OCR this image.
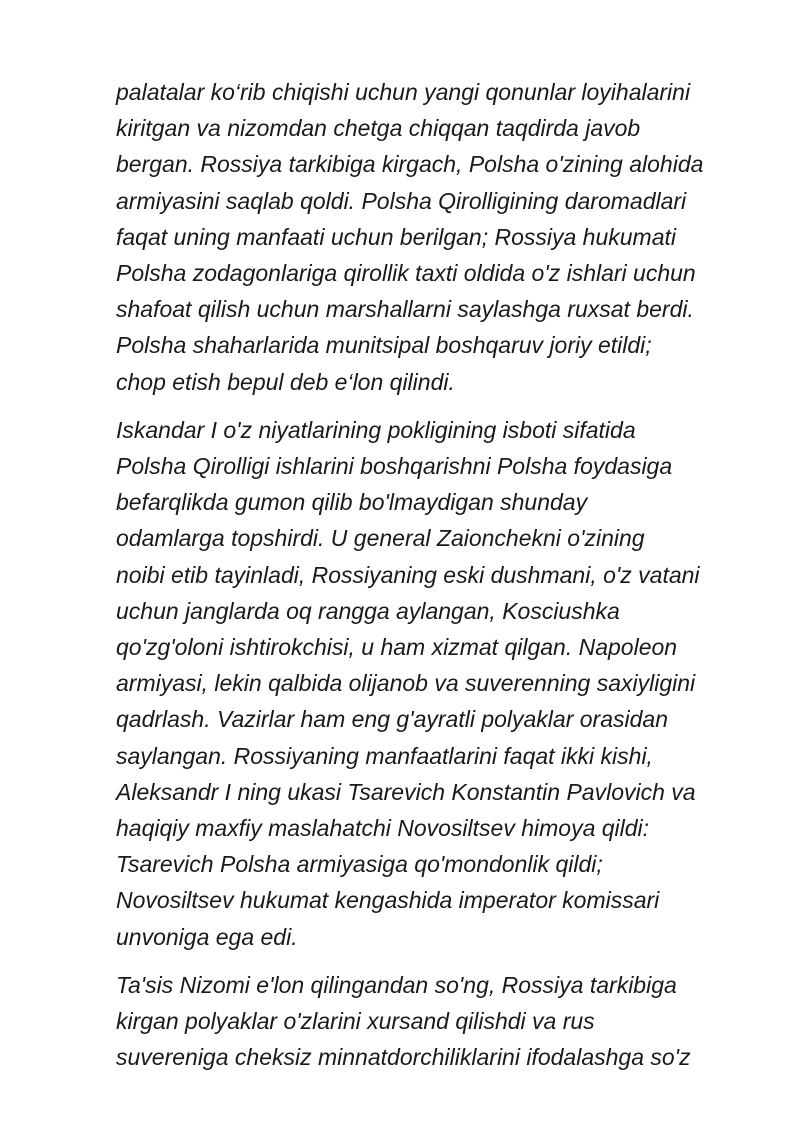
palatalar ko‘rib chiqishi uchun yangi qonunlar loyihalarini
kiritgan va nizomdan chetga chiqqan taqdirda javob
bergan. Rossiya tarkibiga kirgach, Polsha o'zining alohida
armiyasini saqlab qoldi. Polsha Qirolligining daromadlari
faqat uning manfaati uchun berilgan; Rossiya hukumati
Polsha zodagonlariga qirollik taxti oldida o'z ishlari uchun
shafoat qilish uchun marshallarni saylashga ruxsat berdi.
Polsha shaharlarida munitsipal boshqaruv joriy etildi;
chop etish bepul deb e‘lon qilindi.

Iskandar I o'z niyatlarining pokligining isboti sifatida
Polsha Qirolligi ishlarini boshqarishni Polsha foydasiga
befarqlikda gumon qilib bo'lmaydigan shunday
odamlarga topshirdi. U general Zaionchekni o'zining
noibi etib tayinladi, Rossiyaning eski dushmani, o'z vatani
uchun janglarda oq rangga aylangan, Kosciushka
qo'zg'oloni ishtirokchisi, u ham xizmat qilgan. Napoleon
armiyasi, lekin qalbida olijanob va suverenning saxiyligini
qadrlash. Vazirlar ham eng g'ayratli polyaklar orasidan
saylangan. Rossiyaning manfaatlarini faqat ikki kishi,
Aleksandr I ning ukasi Tsarevich Konstantin Pavlovich va
haqiqiy maxfiy maslahatchi Novosiltsev himoya qildi:
Tsarevich Polsha armiyasiga qo'mondonlik qildi;
Novosiltsev hukumat kengashida imperator komissari
unvoniga ega edi.

Ta'sis Nizomi e'lon qilingandan so'ng, Rossiya tarkibiga
kirgan polyaklar o'zlarini xursand qilishdi va rus
suvereniga cheksiz minnatdorchiliklarini ifodalashga so'z
